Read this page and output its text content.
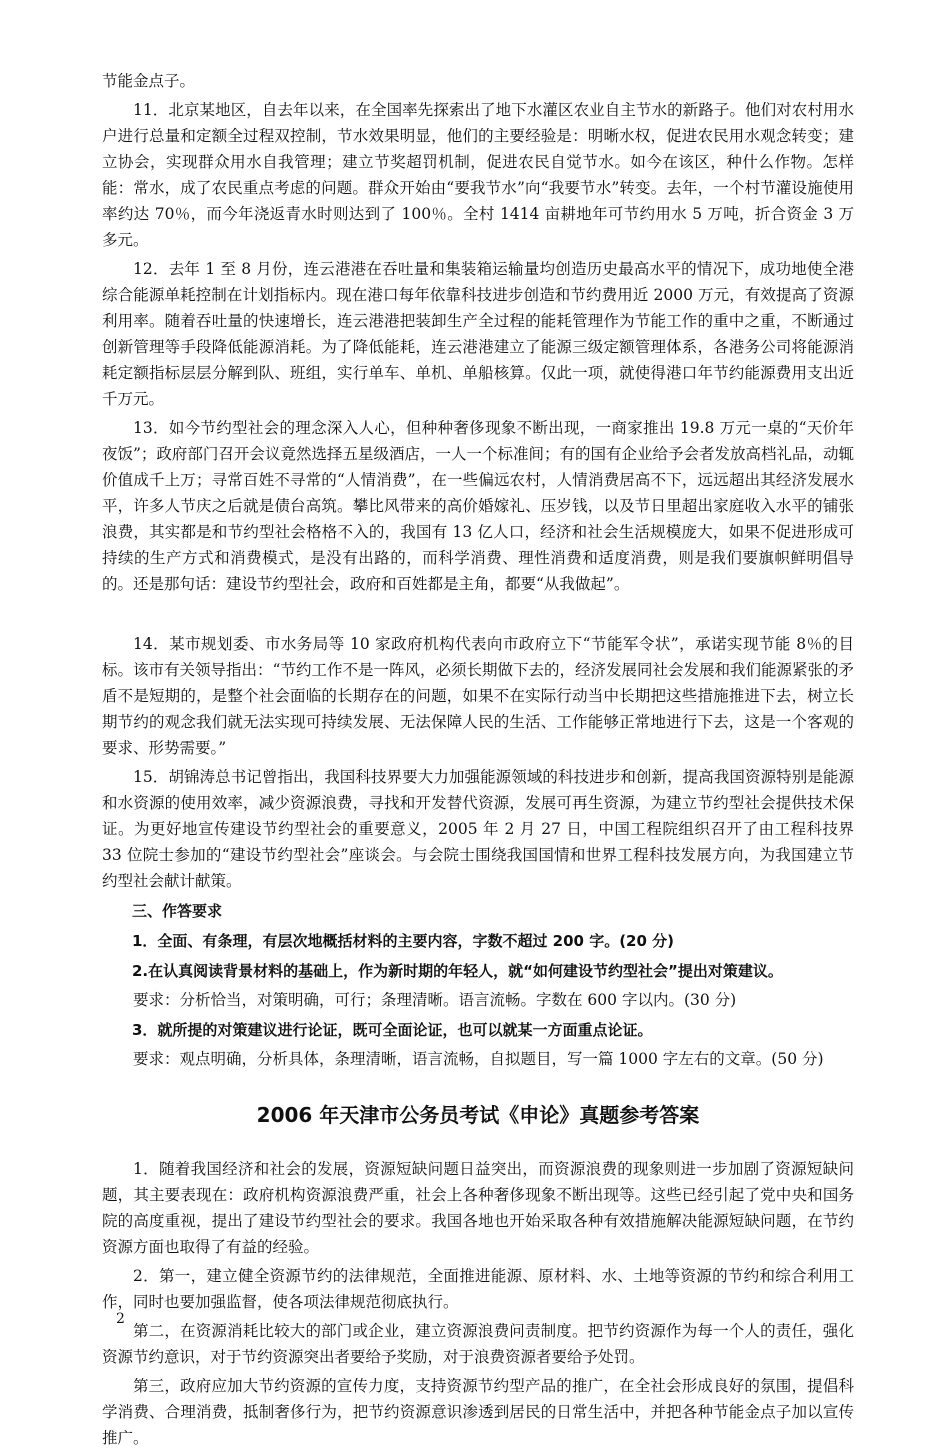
节能金点子。

11．北京某地区，自去年以来，在全国率先探索出了地下水灌区农业自主节水的新路子。他们对农村用水户进行总量和定额全过程双控制，节水效果明显，他们的主要经验是：明晰水权，促进农民用水观念转变；建立协会，实现群众用水自我管理；建立节奖超罚机制，促进农民自觉节水。如今在该区，种什么作物。怎样能：常水，成了农民重点考虑的问题。群众开始由“要我节水”向“我要节水”转变。去年，一个村节灌设施使用率约达 70％，而今年浇返青水时则达到了 100％。全村 1414 亩耕地年可节约用水 5 万吨，折合资金 3 万多元。

12．去年 1 至 8 月份，连云港港在吞吐量和集装箱运输量均创造历史最高水平的情况下，成功地使全港综合能源单耗控制在计划指标内。现在港口每年依靠科技进步创造和节约费用近 2000 万元，有效提高了资源利用率。随着吞吐量的快速增长，连云港港把装卸生产全过程的能耗管理作为节能工作的重中之重，不断通过创新管理等手段降低能源消耗。为了降低能耗，连云港港建立了能源三级定额管理体系，各港务公司将能源消耗定额指标层层分解到队、班组，实行单车、单机、单船核算。仅此一项，就使得港口年节约能源费用支出近千万元。

13．如今节约型社会的理念深入人心，但种种奢侈现象不断出现，一商家推出 19.8 万元一桌的“天价年夜饭”；政府部门召开会议竟然选择五星级酒店，一人一个标准间；有的国有企业给予会者发放高档礼品，动辄价值成千上万；寻常百姓不寻常的“人情消费”，在一些偏远农村，人情消费居高不下，远远超出其经济发展水平，许多人节庆之后就是债台高筑。攀比风带来的高价婚嫁礼、压岁钱，以及节日里超出家庭收入水平的铺张浪费，其实都是和节约型社会格格不入的，我国有 13 亿人口，经济和社会生活规模庞大，如果不促进形成可持续的生产方式和消费模式，是没有出路的，而科学消费、理性消费和适度消费，则是我们要旗帜鲜明倡导的。还是那句话：建设节约型社会，政府和百姓都是主角，都要“从我做起”。

14．某市规划委、市水务局等 10 家政府机构代表向市政府立下“节能军令状”，承诺实现节能 8％的目标。该市有关领导指出：“节约工作不是一阵风，必须长期做下去的，经济发展同社会发展和我们能源紧张的矛盾不是短期的，是整个社会面临的长期存在的问题，如果不在实际行动当中长期把这些措施推进下去，树立长期节约的观念我们就无法实现可持续发展、无法保障人民的生活、工作能够正常地进行下去，这是一个客观的要求、形势需要。”

15．胡锦涛总书记曾指出，我国科技界要大力加强能源领域的科技进步和创新，提高我国资源特别是能源和水资源的使用效率，减少资源浪费，寻找和开发替代资源，发展可再生资源，为建立节约型社会提供技术保证。为更好地宣传建设节约型社会的重要意义，2005 年 2 月 27 日，中国工程院组织召开了由工程科技界 33 位院士参加的“建设节约型社会”座谈会。与会院士围绕我国国情和世界工程科技发展方向，为我国建立节约型社会献计献策。

三、作答要求

1．全面、有条理，有层次地概括材料的主要内容，字数不超过 200 字。(20 分)

2.在认真阅读背景材料的基础上，作为新时期的年轻人，就“如何建设节约型社会”提出对策建议。

要求：分析恰当，对策明确，可行；条理清晰。语言流畅。字数在 600 字以内。(30 分)

3．就所提的对策建议进行论证，既可全面论证，也可以就某一方面重点论证。

要求：观点明确，分析具体，条理清晰，语言流畅，自拟题目，写一篇 1000 字左右的文章。(50 分)

2006 年天津市公务员考试《申论》真题参考答案

1．随着我国经济和社会的发展，资源短缺问题日益突出，而资源浪费的现象则进一步加剧了资源短缺问题，其主要表现在：政府机构资源浪费严重，社会上各种奢侈现象不断出现等。这些已经引起了党中央和国务院的高度重视，提出了建设节约型社会的要求。我国各地也开始采取各种有效措施解决能源短缺问题，在节约资源方面也取得了有益的经验。

2．第一，建立健全资源节约的法律规范，全面推进能源、原材料、水、土地等资源的节约和综合利用工作，同时也要加强监督，使各项法律规范彻底执行。

第二，在资源消耗比较大的部门或企业，建立资源浪费问责制度。把节约资源作为每一个人的责任，强化资源节约意识，对于节约资源突出者要给予奖励，对于浪费资源者要给予处罚。

第三，政府应加大节约资源的宣传力度，支持资源节约型产品的推广，在全社会形成良好的氛围，提倡科学消费、合理消费，抵制奢侈行为，把节约资源意识渗透到居民的日常生活中，并把各种节能金点子加以宣传推广。

2
